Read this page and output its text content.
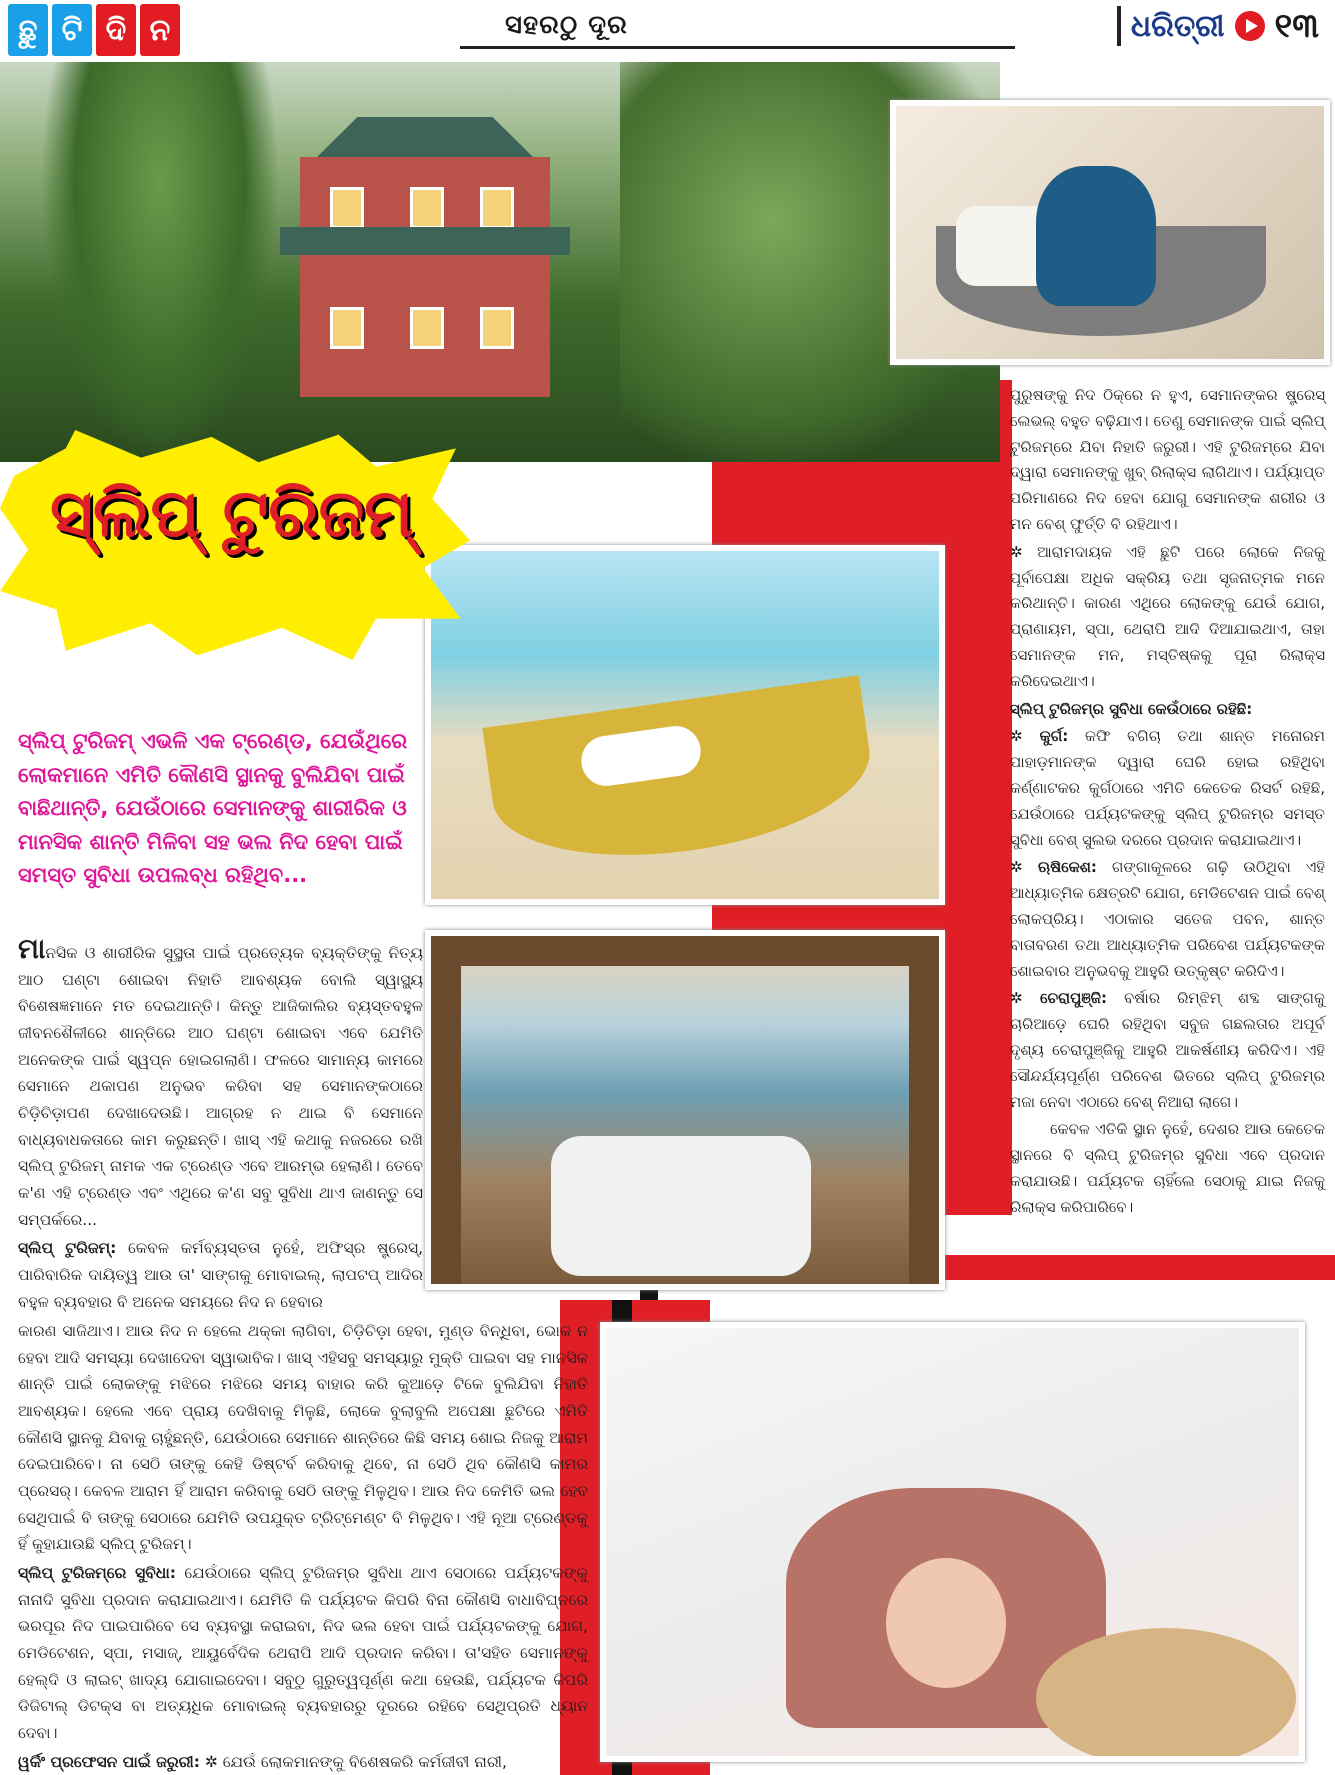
ଛୁ ଟି ଦି ନ	ସହରଠୁ ଦୂର	ଧରିତ୍ରୀ ୧୩
ସ୍ଲିପ୍ ଟୁରିଜମ୍
ସ୍ଲିପ୍ ଟୁରିଜମ୍ ଏଭଳି ଏକ ଟ୍ରେଣ୍ଡ, ଯେଉଁଥିରେ ଲୋକମାନେ ଏମିତି କୌଣସି ସ୍ଥାନକୁ ବୁଲିଯିବା ପାଇଁ ବାଛିଥାନ୍ତି, ଯେଉଁଠାରେ ସେମାନଙ୍କୁ ଶାରୀରିକ ଓ ମାନସିକ ଶାନ୍ତି ମିଳିବା ସହ ଭଲ ନିଦ ହେବା ପାଇଁ ସମସ୍ତ ସୁବିଧା ଉପଲବ୍ଧ ରହିଥିବ...

ମାନସିକ ଓ ଶାରୀରିକ ସୁସ୍ଥତା ପାଇଁ ପ୍ରତ୍ୟେକ ବ୍ୟକ୍ତିଙ୍କୁ ନିତ୍ୟ ଆଠ ଘଣ୍ଟା ଶୋଇବା ନିହାତି ଆବଶ୍ୟକ ବୋଲି ସ୍ୱାସ୍ଥ୍ୟ ବିଶେଷଜ୍ଞମାନେ ମତ ଦେଇଥାନ୍ତି। କିନ୍ତୁ ଆଜିକାଲିର ବ୍ୟସ୍ତବହୁଳ ଜୀବନଶୈଳୀରେ ଶାନ୍ତିରେ ଆଠ ଘଣ୍ଟା ଶୋଇବା ଏବେ ଯେମିତି ଅନେକଙ୍କ ପାଇଁ ସ୍ୱପ୍ନ ହୋଇଗଲାଣି। ଫଳରେ ସାମାନ୍ୟ କାମରେ ସେମାନେ ଥକାପଣ ଅନୁଭବ କରିବା ସହ ସେମାନଙ୍କଠାରେ ଚିଡ଼ିଚିଡ଼ାପଣ ଦେଖାଦେଉଛି। ଆଗ୍ରହ ନ ଥାଇ ବି ସେମାନେ ବାଧ୍ୟବାଧକତାରେ କାମ କରୁଛନ୍ତି। ଖାସ୍ ଏହି କଥାକୁ ନଜରରେ ରଖି ସ୍ଲିପ୍ ଟୁରିଜମ୍ ନାମକ ଏକ ଟ୍ରେଣ୍ଡ ଏବେ ଆରମ୍ଭ ହେଲାଣି। ତେବେ କ'ଣ ଏହି ଟ୍ରେଣ୍ଡ ଏବଂ ଏଥିରେ କ'ଣ ସବୁ ସୁବିଧା ଥାଏ ଜାଣନ୍ତୁ ସେ ସମ୍ପର୍କରେ...

ସ୍ଲିପ୍ ଟୁରିଜମ୍: କେବଳ କର୍ମବ୍ୟସ୍ତତା ନୁହେଁ, ଅଫିସ୍‌ର ଷ୍ଟ୍ରେସ୍, ପାରିବାରିକ ଦାୟିତ୍ୱ ଆଉ ତା' ସାଙ୍ଗକୁ ମୋବାଇଲ୍, ଲାପଟପ୍ ଆଦିର ବହୁଳ ବ୍ୟବହାର ବି ଅନେକ ସମୟରେ ନିଦ ନ ହେବାର

କାରଣ ସାଜିଥାଏ। ଆଉ ନିଦ ନ ହେଲେ ଥକ୍କା ଲାଗିବା, ଚିଡ଼ିଚିଡ଼ା ହେବା, ମୁଣ୍ଡ ବିନ୍ଧିବା, ଭୋକ ନ ହେବା ଆଦି ସମସ୍ୟା ଦେଖାଦେବା ସ୍ୱାଭାବିକ। ଖାସ୍ ଏହିସବୁ ସମସ୍ୟାରୁ ମୁକ୍ତି ପାଇବା ସହ ମାନସିକ ଶାନ୍ତି ପାଇଁ ଲୋକଙ୍କୁ ମଝିରେ ମଝିରେ ସମୟ ବାହାର କରି କୁଆଡ଼େ ଟିକେ ବୁଲିଯିବା ନିହାତି ଆବଶ୍ୟକ। ହେଲେ ଏବେ ପ୍ରାୟ ଦେଖିବାକୁ ମିଳୁଛି, ଲୋକେ ବୁଲାବୁଲି ଅପେକ୍ଷା ଛୁଟିରେ ଏମିତି କୌଣସି ସ୍ଥାନକୁ ଯିବାକୁ ଚାହୁଁଛନ୍ତି, ଯେଉଁଠାରେ ସେମାନେ ଶାନ୍ତିରେ କିଛି ସମୟ ଶୋଇ ନିଜକୁ ଆରାମ ଦେଇପାରିବେ। ନା ସେଠି ତାଙ୍କୁ କେହି ଡିଷ୍ଟର୍ବ କରିବାକୁ ଥିବେ, ନା ସେଠି ଥିବ କୌଣସି କାମର ପ୍ରେସର୍। କେବଳ ଆରାମ ହିଁ ଆରାମ କରିବାକୁ ସେଠି ତାଙ୍କୁ ମିଳୁଥିବ। ଆଉ ନିଦ କେମିତି ଭଲ ହେବ ସେଥିପାଇଁ ବି ତାଙ୍କୁ ସେଠାରେ ଯେମିତି ଉପଯୁକ୍ତ ଟ୍ରିଟ୍‌ମେଣ୍ଟ ବି ମିଳୁଥିବ। ଏହି ନୂଆ ଟ୍ରେଣ୍ଡକୁ ହିଁ କୁହାଯାଉଛି ସ୍ଲିପ୍ ଟୁରିଜମ୍।

ସ୍ଲିପ୍ ଟୁରିଜମ୍‌ରେ ସୁବିଧା: ଯେଉଁଠାରେ ସ୍ଲିପ୍ ଟୁରିଜମ୍‌ର ସୁବିଧା ଥାଏ ସେଠାରେ ପର୍ଯ୍ୟଟକଙ୍କୁ ନାନାଦି ସୁବିଧା ପ୍ରଦାନ କରାଯାଇଥାଏ। ଯେମିତି କି ପର୍ଯ୍ୟଟକ କିପରି ବିନା କୌଣସି ବାଧାବିଘ୍ନରେ ଭରପୂର ନିଦ ପାଇପାରିବେ ସେ ବ୍ୟବସ୍ଥା କରାଇବା, ନିଦ ଭଲ ହେବା ପାଇଁ ପର୍ଯ୍ୟଟକଙ୍କୁ ଯୋଗ, ମେଡିଟେଶନ, ସ୍ପା, ମସାଜ୍, ଆୟୁର୍ବେଦିକ ଥେରାପି ଆଦି ପ୍ରଦାନ କରିବା। ତା'ସହିତ ସେମାନଙ୍କୁ ହେଲ୍‌ଦି ଓ ଲାଇଟ୍ ଖାଦ୍ୟ ଯୋଗାଇଦେବା। ସବୁଠୁ ଗୁରୁତ୍ୱପୂର୍ଣ୍ଣ କଥା ହେଉଛି, ପର୍ଯ୍ୟଟକ କିପରି ଡିଜିଟାଲ୍ ଡିଟକ୍ସ ବା ଅତ୍ୟଧିକ ମୋବାଇଲ୍ ବ୍ୟବହାରରୁ ଦୂରରେ ରହିବେ ସେଥିପ୍ରତି ଧ୍ୟାନ ଦେବା।

ୱର୍କିଂ ପ୍ରଫେସନ ପାଇଁ ଜରୁରୀ: ✲ ଯେଉଁ ଲୋକମାନଙ୍କୁ ବିଶେଷକରି କର୍ମଜୀବୀ ନାରୀ,

ପୁରୁଷଙ୍କୁ ନିଦ ଠିକ୍‌ରେ ନ ହୁଏ, ସେମାନଙ୍କର ଷ୍ଟ୍ରେସ୍ ଲେଭଲ୍ ବହୁତ ବଢ଼ିଯାଏ। ତେଣୁ ସେମାନଙ୍କ ପାଇଁ ସ୍ଲିପ୍ ଟୁରିଜମ୍‌ରେ ଯିବା ନିହାତି ଜରୁରୀ। ଏହି ଟୁରିଜମ୍‌ରେ ଯିବା ଦ୍ୱାରା ସେମାନଙ୍କୁ ଖୁବ୍ ରିଲାକ୍ସ ଲାଗିଥାଏ। ପର୍ଯ୍ୟାପ୍ତ ପରିମାଣରେ ନିଦ ହେବା ଯୋଗୁ ସେମାନଙ୍କ ଶରୀର ଓ ମନ ବେଶ୍ ଫୁର୍ତ୍ତି ବି ରହିଥାଏ।

✲ ଆରାମଦାୟକ ଏହି ଛୁଟି ପରେ ଲୋକେ ନିଜକୁ ପୂର୍ବାପେକ୍ଷା ଅଧିକ ସକ୍ରିୟ ତଥା ସୃଜନାତ୍ମକ ମନେ କରିଥାନ୍ତି। କାରଣ ଏଥିରେ ଲୋକଙ୍କୁ ଯେଉଁ ଯୋଗ, ପ୍ରାଣାୟମ, ସ୍ପା, ଥେରାପି ଆଦି ଦିଆଯାଇଥାଏ, ତାହା ସେମାନଙ୍କ ମନ, ମସ୍ତିଷ୍କକୁ ପୂରା ରିଲାକ୍ସ କରିଦେଇଥାଏ।

ସ୍ଲିପ୍ ଟୁରିଜମ୍‌ର ସୁବିଧା କେଉଁଠାରେ ରହିଛି:

✲ କୁର୍ଗ: କଫି ବଗିଚା ତଥା ଶାନ୍ତ ମନୋରମ ପାହାଡ଼ମାନଙ୍କ ଦ୍ୱାରା ଘେରି ହୋଇ ରହିଥିବା କର୍ଣ୍ଣାଟକର କୁର୍ଗଠାରେ ଏମିତି କେତେକ ରିସର୍ଟ ରହିଛି, ଯେଉଁଠାରେ ପର୍ଯ୍ୟଟକଙ୍କୁ ସ୍ଲିପ୍ ଟୁରିଜମ୍‌ର ସମସ୍ତ ସୁବିଧା ବେଶ୍ ସୁଲଭ ଦରରେ ପ୍ରଦାନ କରାଯାଇଥାଏ।

✲ ଋଷିକେଶ: ଗଙ୍ଗାକୂଳରେ ଗଢ଼ି ଉଠିଥିବା ଏହି ଆଧ୍ୟାତ୍ମିକ କ୍ଷେତ୍ରଟି ଯୋଗ, ମେଡିଟେଶନ ପାଇଁ ବେଶ୍ ଲୋକପ୍ରିୟ। ଏଠାକାର ସତେଜ ପବନ, ଶାନ୍ତ ବାତାବରଣ ତଥା ଆଧ୍ୟାତ୍ମିକ ପରିବେଶ ପର୍ଯ୍ୟଟକଙ୍କ ଶୋଇବାର ଅନୁଭବକୁ ଆହୁରି ଉତ୍କୃଷ୍ଟ କରିଦିଏ।

✲ ଚେରାପୁଞ୍ଜି: ବର୍ଷାର ରିମ୍‌ଝିମ୍ ଶବ୍ଦ ସାଙ୍ଗକୁ ଚାରିଆଡ଼େ ଘେରି ରହିଥିବା ସବୁଜ ଗଛଲତାର ଅପୂର୍ବ ଦୃଶ୍ୟ ଚେରାପୁଞ୍ଜିକୁ ଆହୁରି ଆକର୍ଷଣୀୟ କରିଦିଏ। ଏହି ସୌନ୍ଦର୍ଯ୍ୟପୂର୍ଣ୍ଣ ପରିବେଶ ଭିତରେ ସ୍ଲିପ୍ ଟୁରିଜମ୍‌ର ମଜା ନେବା ଏଠାରେ ବେଶ୍ ନିଆରା ଲାଗେ।

କେବଳ ଏତିକି ସ୍ଥାନ ନୁହେଁ, ଦେଶର ଆଉ କେତେକ ସ୍ଥାନରେ ବି ସ୍ଲିପ୍ ଟୁରିଜମ୍‌ର ସୁବିଧା ଏବେ ପ୍ରଦାନ କରାଯାଉଛି। ପର୍ଯ୍ୟଟକ ଚାହିଁଲେ ସେଠାକୁ ଯାଇ ନିଜକୁ ରିଲାକ୍ସ କରିପାରିବେ।
